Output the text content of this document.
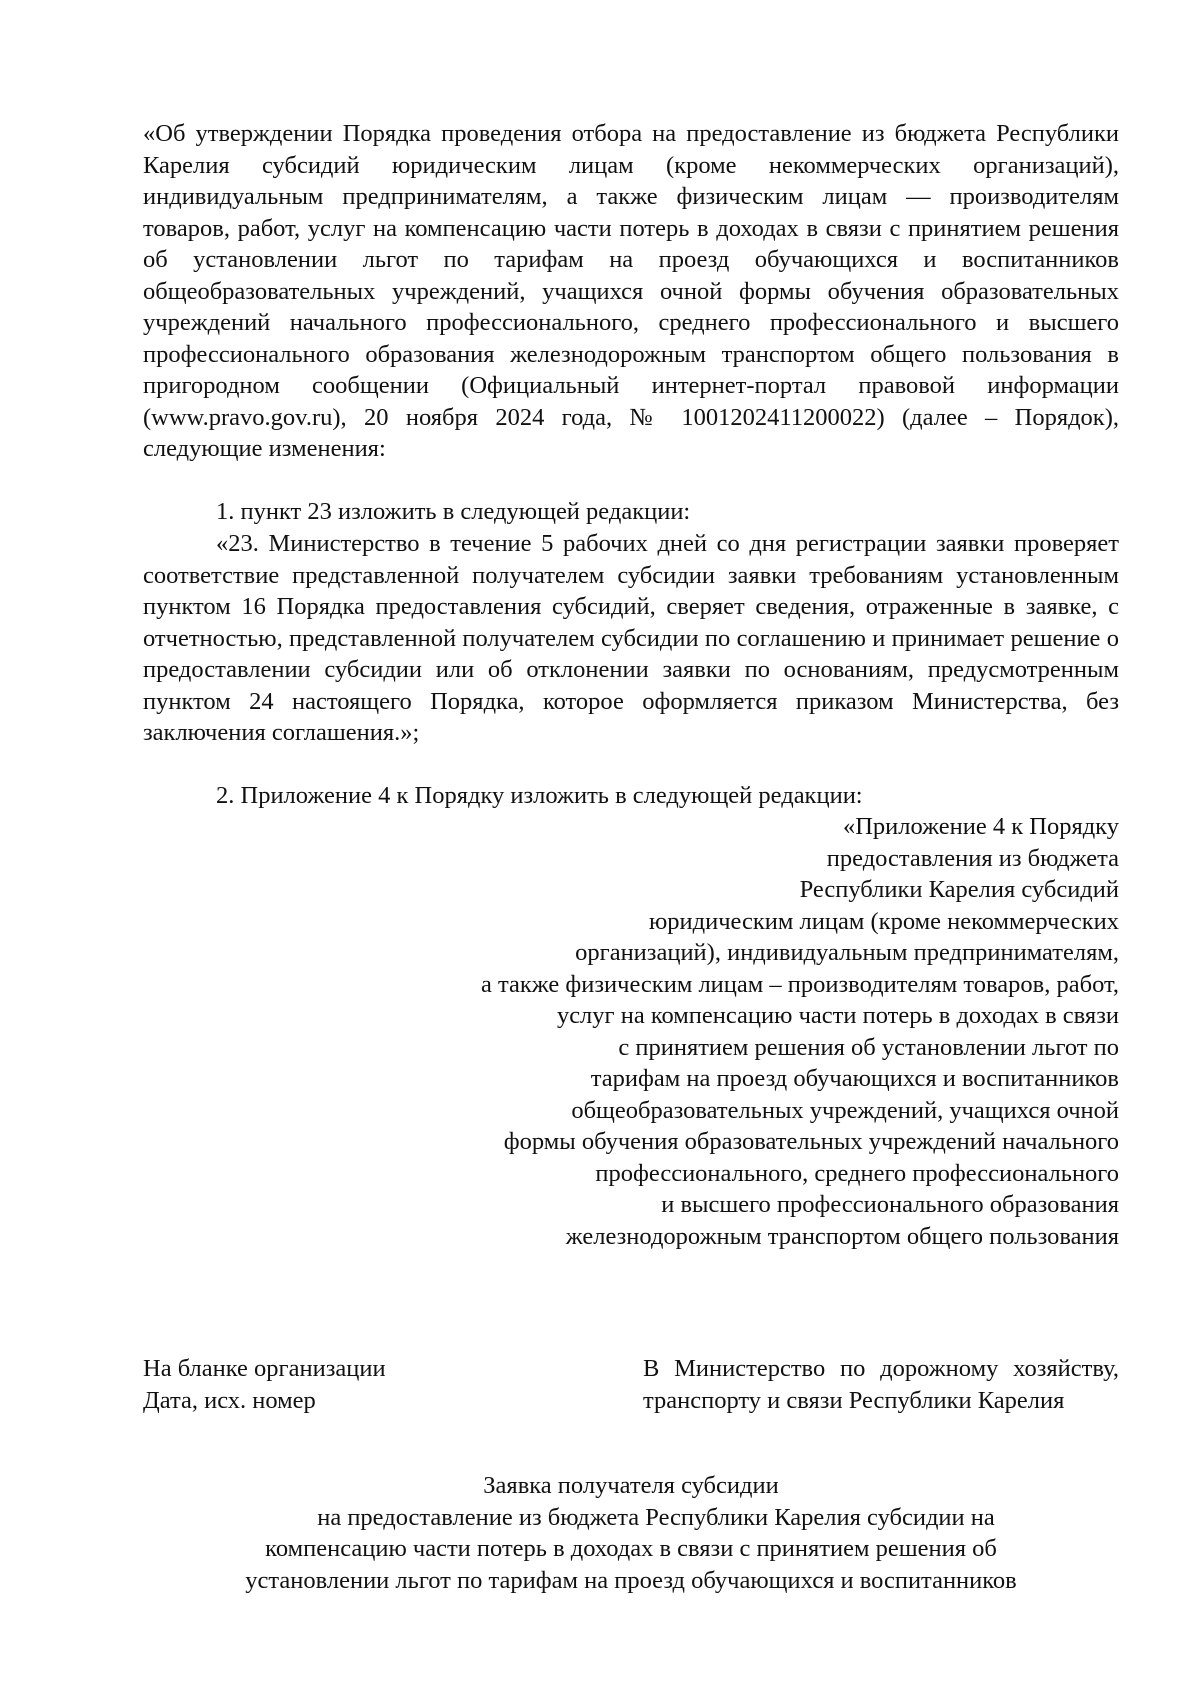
«Об утверждении Порядка проведения отбора на предоставление из бюджета Республики Карелия субсидий юридическим лицам (кроме некоммерческих организаций), индивидуальным предпринимателям, а также физическим лицам — производителям товаров, работ, услуг на компенсацию части потерь в доходах в связи с принятием решения об установлении льгот по тарифам на проезд обучающихся и воспитанников общеобразовательных учреждений, учащихся очной формы обучения образовательных учреждений начального профессионального, среднего профессионального и высшего профессионального образования железнодорожным транспортом общего пользования в пригородном сообщении (Официальный интернет-портал правовой информации (www.pravo.gov.ru), 20 ноября 2024 года, № 1001202411200022) (далее – Порядок), следующие изменения:

1. пункт 23 изложить в следующей редакции:

«23. Министерство в течение 5 рабочих дней со дня регистрации заявки проверяет соответствие представленной получателем субсидии заявки требованиям установленным пунктом 16 Порядка предоставления субсидий, сверяет сведения, отраженные в заявке, с отчетностью, представленной получателем субсидии по соглашению и принимает решение о предоставлении субсидии или об отклонении заявки по основаниям, предусмотренным пунктом 24 настоящего Порядка, которое оформляется приказом Министерства, без заключения соглашения.»;

2. Приложение 4 к Порядку изложить в следующей редакции:

«Приложение 4 к Порядку

предоставления из бюджета

Республики Карелия субсидий

юридическим лицам (кроме некоммерческих

организаций), индивидуальным предпринимателям,

а также физическим лицам – производителям товаров, работ,

услуг на компенсацию части потерь в доходах в связи

с принятием решения об установлении льгот по

тарифам на проезд обучающихся и воспитанников

общеобразовательных учреждений, учащихся очной

формы обучения образовательных учреждений начального

профессионального, среднего профессионального

и высшего профессионального образования

железнодорожным транспортом общего пользования

На бланке организации

Дата, исх. номер

В Министерство по дорожному хозяйству, транспорту и связи Республики Карелия

Заявка получателя субсидии

на предоставление из бюджета Республики Карелия субсидии на

компенсацию части потерь в доходах в связи с принятием решения об

установлении льгот по тарифам на проезд обучающихся и воспитанников
